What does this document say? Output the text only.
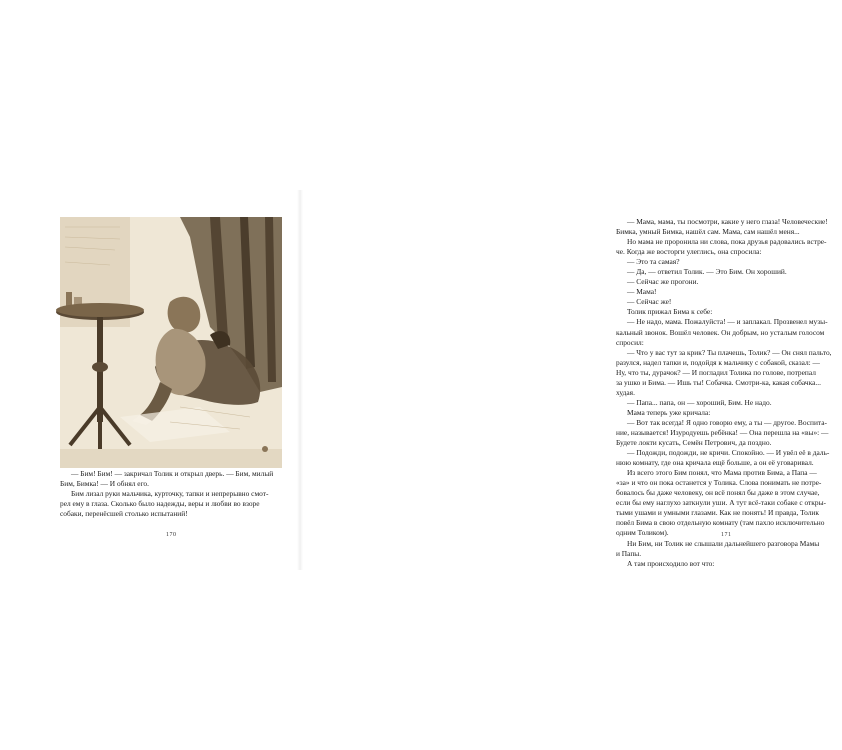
— Бим! Бим! — закричал Толик и открыл дверь. — Бим, милый
Бим, Бимка! — И обнял его.
Бим лизал руки мальчика, курточку, тапки и непрерывно смот-
рел ему в глаза. Сколько было надежды, веры и любви во взоре
собаки, перенёсшей столько испытаний!
170
— Мама, мама, ты посмотри, какие у него глаза! Человеческие!
Бимка, умный Бимка, нашёл сам. Мама, сам нашёл меня...
Но мама не проронила ни слова, пока друзья радовались встре-
че. Когда же восторги улеглись, она спросила:
— Это та самая?
— Да, — ответил Толик. — Это Бим. Он хороший.
— Сейчас же прогони.
— Мама!
— Сейчас же!
Толик прижал Бима к себе:
— Не надо, мама. Пожалуйста! — и заплакал. Прозвенел музы-
кальный звонок. Вошёл человек. Он добрым, но усталым голосом
спросил:
— Что у вас тут за крик? Ты плачешь, Толик? — Он снял пальто,
разулся, надел тапки и, подойдя к мальчику с собакой, сказал: —
Ну, что ты, дурачок? — И погладил Толика по голове, потрепал
за ушко и Бима. — Ишь ты! Собачка. Смотри-ка, какая собачка...
худая.
— Папа... папа, он — хороший, Бим. Не надо.
Мама теперь уже кричала:
— Вот так всегда! Я одно говорю ему, а ты — другое. Воспита-
ние, называется! Изуродуешь ребёнка! — Она перешла на «вы»: —
Будете локти кусать, Семён Петрович, да поздно.
— Подожди, подожди, не кричи. Спокойно. — И увёл её в даль-
нюю комнату, где она кричала ещё больше, а он её уговаривал.
Из всего этого Бим понял, что Мама против Бима, а Папа —
«за» и что он пока останется у Толика. Слова понимать не потре-
бовалось бы даже человеку, он всё понял бы даже в этом случае,
если бы ему наглухо заткнули уши. А тут всё-таки собаке с откры-
тыми ушами и умными глазами. Как не понять! И правда, Толик
повёл Бима в свою отдельную комнату (там пахло исключительно
одним Толиком).
Ни Бим, ни Толик не слышали дальнейшего разговора Мамы
и Папы.
А там происходило вот что:
171
